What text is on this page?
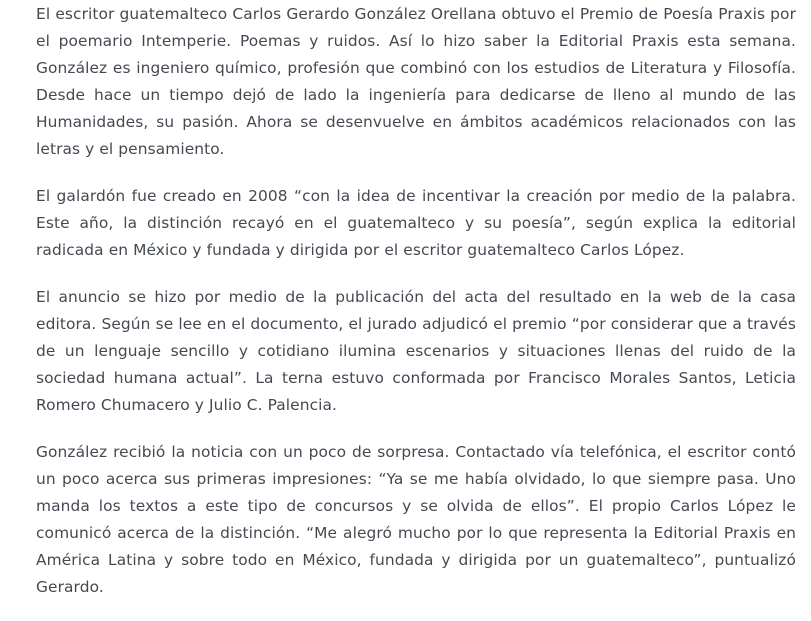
El escritor guatemalteco Carlos Gerardo González Orellana obtuvo el Premio de Poesía Praxis por el poemario Intemperie. Poemas y ruidos. Así lo hizo saber la Editorial Praxis esta semana. González es ingeniero químico, profesión que combinó con los estudios de Literatura y Filosofía. Desde hace un tiempo dejó de lado la ingeniería para dedicarse de lleno al mundo de las Humanidades, su pasión. Ahora se desenvuelve en ámbitos académicos relacionados con las letras y el pensamiento.

El galardón fue creado en 2008 “con la idea de incentivar la creación por medio de la palabra. Este año, la distinción recayó en el guatemalteco y su poesía”, según explica la editorial radicada en México y fundada y dirigida por el escritor guatemalteco Carlos López.

El anuncio se hizo por medio de la publicación del acta del resultado en la web de la casa editora. Según se lee en el documento, el jurado adjudicó el premio “por considerar que a través de un lenguaje sencillo y cotidiano ilumina escenarios y situaciones llenas del ruido de la sociedad humana actual”. La terna estuvo conformada por Francisco Morales Santos, Leticia Romero Chumacero y Julio C. Palencia.

González recibió la noticia con un poco de sorpresa. Contactado vía telefónica, el escritor contó un poco acerca sus primeras impresiones: “Ya se me había olvidado, lo que siempre pasa. Uno manda los textos a este tipo de concursos y se olvida de ellos”. El propio Carlos López le comunicó acerca de la distinción. “Me alegró mucho por lo que representa la Editorial Praxis en América Latina y sobre todo en México, fundada y dirigida por un guatemalteco”, puntualizó Gerardo.
